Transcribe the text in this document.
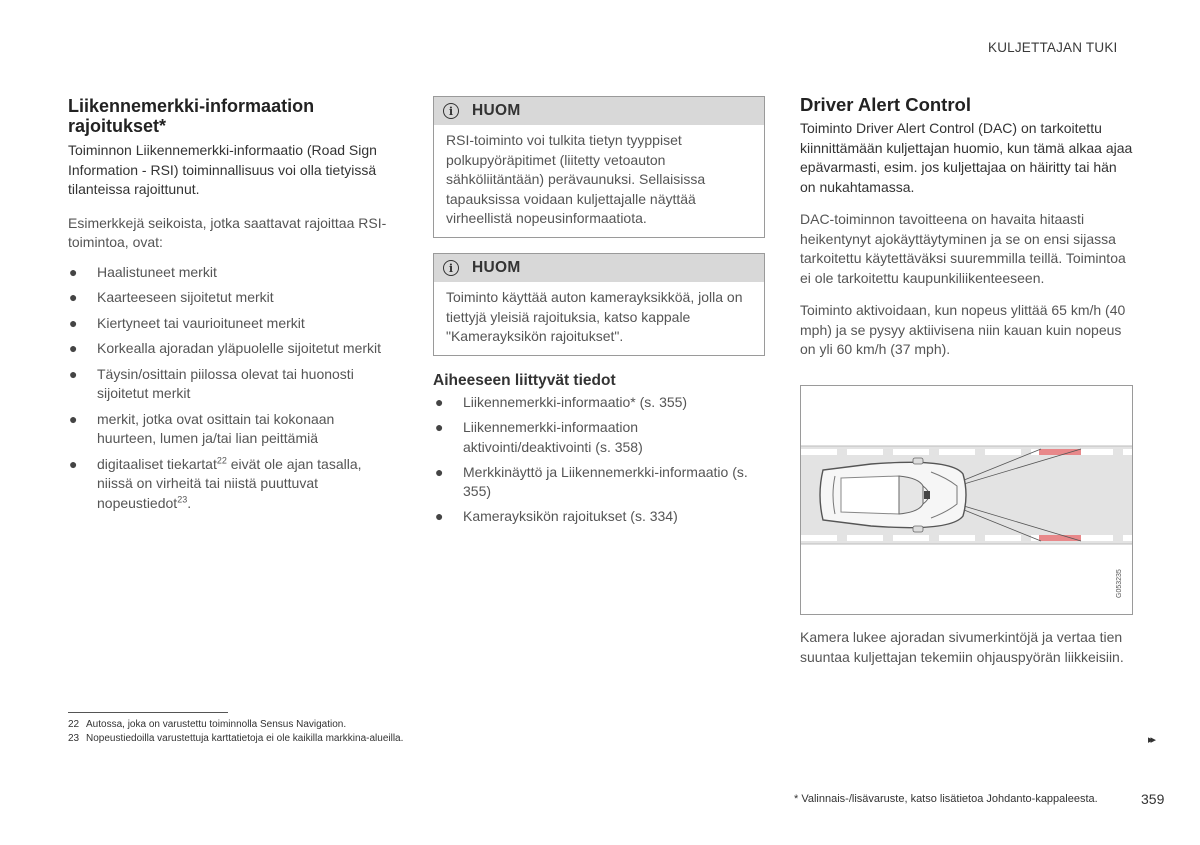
KULJETTAJAN TUKI
Liikennemerkki-informaation
rajoitukset*

Toiminnon Liikennemerkki-informaatio (Road Sign Information - RSI) toiminnallisuus voi olla tietyissä tilanteissa rajoittunut.

Esimerkkejä seikoista, jotka saattavat rajoittaa RSI-toimintoa, ovat:

● Haalistuneet merkit
● Kaarteeseen sijoitetut merkit
● Kiertyneet tai vaurioituneet merkit
● Korkealla ajoradan yläpuolelle sijoitetut merkit
● Täysin/osittain piilossa olevat tai huonosti sijoitetut merkit
● merkit, jotka ovat osittain tai kokonaan huurteen, lumen ja/tai lian peittämiä
● digitaaliset tiekartat$^{22}$ eivät ole ajan tasalla, niissä on virheitä tai niistä puuttuvat nopeustiedot$^{23}$.
i	HUOM
RSI-toiminto voi tulkita tietyn tyyppiset polkupyöräpitimet (liitetty vetoauton sähköliitäntään) perävaunuksi. Sellaisissa tapauksissa voidaan kuljettajalle näyttää virheellistä nopeusinformaatiota.
i	HUOM
Toiminto käyttää auton kamerayksikköä, jolla on tiettyjä yleisiä rajoituksia, katso kappale "Kamerayksikön rajoitukset".
Aiheeseen liittyvät tiedot
● Liikennemerkki-informaatio* (s. 355)
● Liikennemerkki-informaation aktivointi/deaktivointi (s. 358)
● Merkkinäyttö ja Liikennemerkki-informaatio (s. 355)
● Kamerayksikön rajoitukset (s. 334)
Driver Alert Control

Toiminto Driver Alert Control (DAC) on tarkoitettu kiinnittämään kuljettajan huomio, kun tämä alkaa ajaa epävarmasti, esim. jos kuljettajaa on häiritty tai hän on nukahtamassa.

DAC-toiminnon tavoitteena on havaita hitaasti heikentynyt ajokäyttäytyminen ja se on ensi sijassa tarkoitettu käytettäväksi suuremmilla teillä. Toimintoa ei ole tarkoitettu kaupunkiliikenteeseen.

Toiminto aktivoidaan, kun nopeus ylittää 65 km/h (40 mph) ja se pysyy aktiivisena niin kauan kuin nopeus on yli 60 km/h (37 mph).

G053235
Kamera lukee ajoradan sivumerkintöjä ja vertaa tien suuntaa kuljettajan tekemiin ohjauspyörän liikkeisiin.
22 Autossa, joka on varustettu toiminnolla Sensus Navigation.
23 Nopeustiedoilla varustettuja karttatietoja ei ole kaikilla markkina-alueilla.	▸▸
* Valinnais-/lisävaruste, katso lisätietoa Johdanto-kappaleesta.	359
